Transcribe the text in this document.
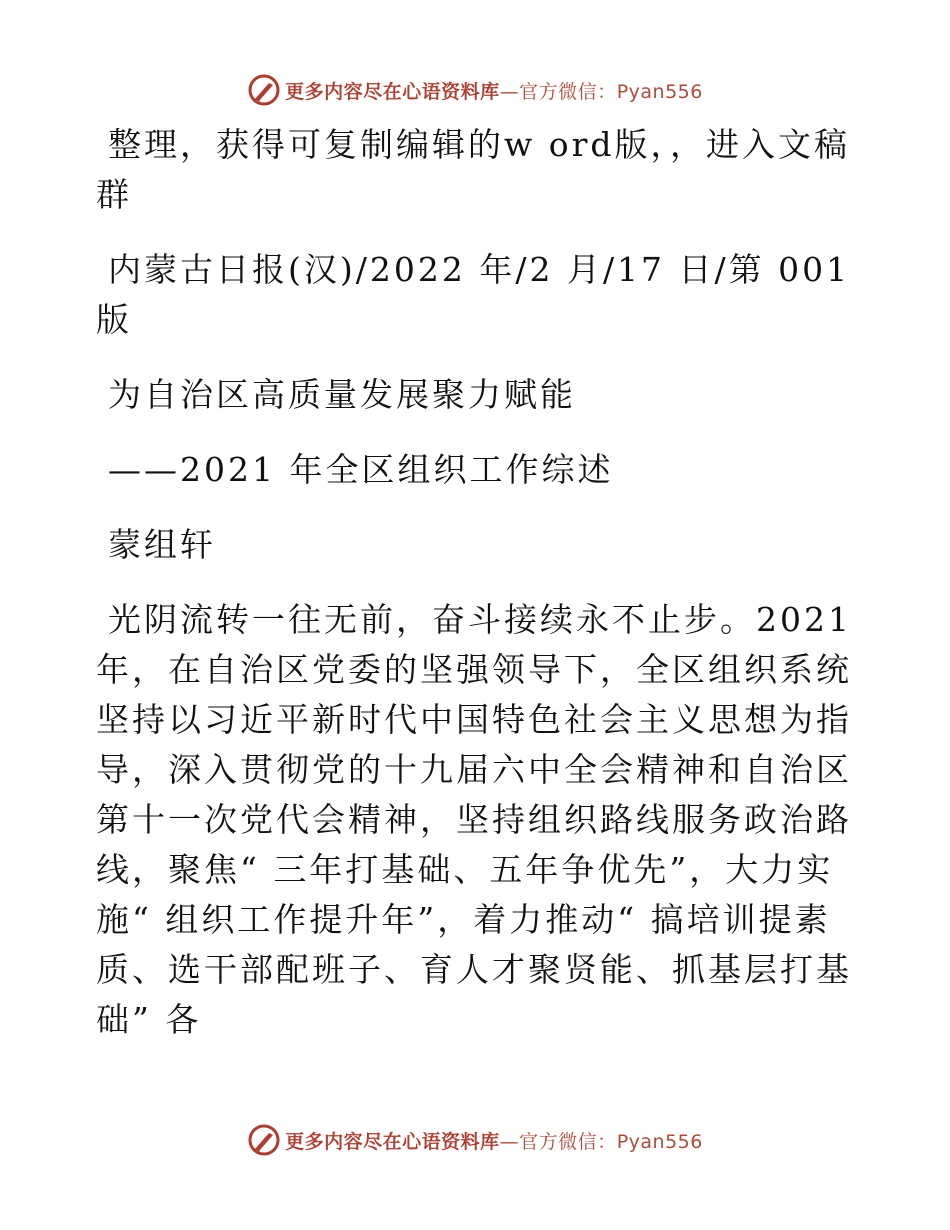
更多内容尽在心语资料库—官方微信：Pyan556

整理，获得可复制编辑的w ord版，，进入文稿群

内蒙古日报(汉)/2022 年/2 月/17 日/第 001 版

为自治区高质量发展聚力赋能

——2021 年全区组织工作综述

蒙组轩

光阴流转一往无前，奋斗接续永不止步。2021 年，在自治区党委的坚强领导下，全区组织系统坚持以习近平新时代中国特色社会主义思想为指导，深入贯彻党的十九届六中全会精神和自治区第十一次党代会精神，坚持组织路线服务政治路线，聚焦“ 三年打基础、五年争优先”，大力实施“ 组织工作提升年”，着力推动“ 搞培训提素质、选干部配班子、育人才聚贤能、抓基层打基础” 各

更多内容尽在心语资料库—官方微信：Pyan556
